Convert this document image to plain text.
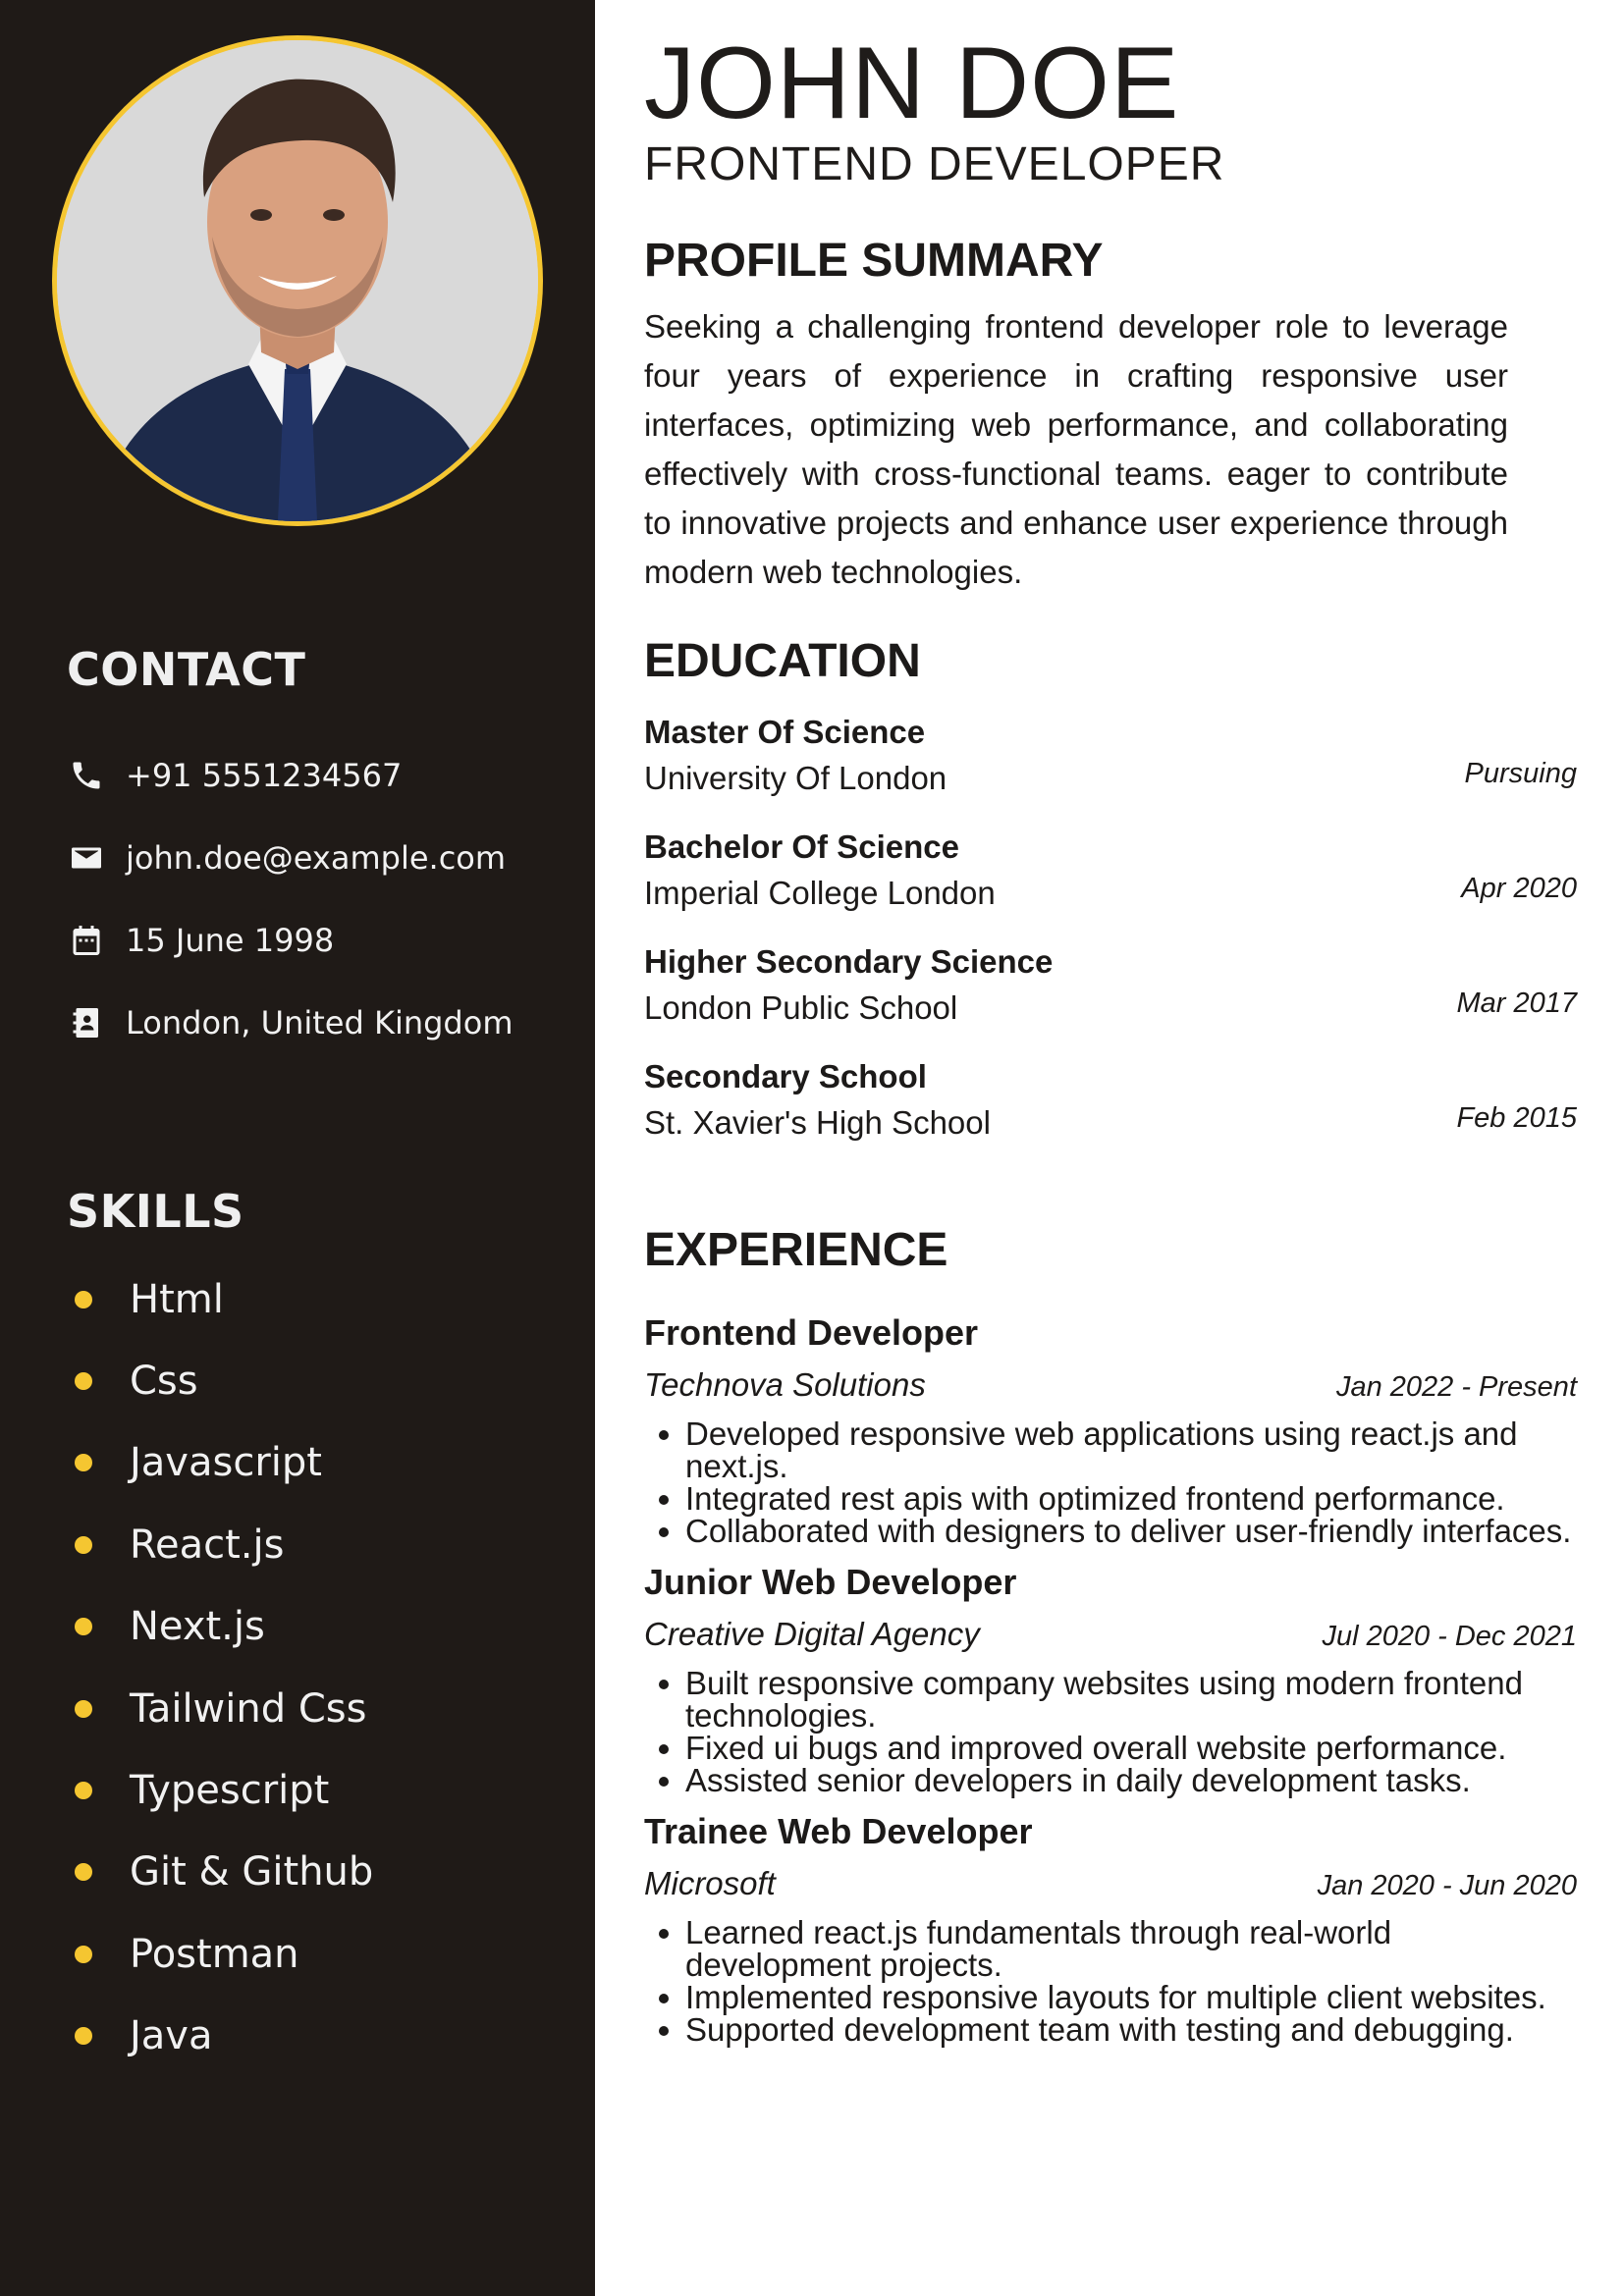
CONTACT
+91 5551234567
john.doe@example.com
15 June 1998
London, United Kingdom
SKILLS
Html
Css
Javascript
React.js
Next.js
Tailwind Css
Typescript
Git & Github
Postman
Java
JOHN DOE
FRONTEND DEVELOPER
PROFILE SUMMARY

Seeking a challenging frontend developer role to leverage four years of experience in crafting responsive user interfaces, optimizing web performance, and collaborating effectively with cross-functional teams. eager to contribute to innovative projects and enhance user experience through modern web technologies.

EDUCATION

Master Of Science

University Of London	Pursuing

Bachelor Of Science

Imperial College London	Apr 2020

Higher Secondary Science

London Public School	Mar 2017

Secondary School

St. Xavier's High School	Feb 2015
EXPERIENCE

Frontend Developer

Technova Solutions	Jan 2022 - Present
• Developed responsive web applications using react.js and next.js.
• Integrated rest apis with optimized frontend performance.
• Collaborated with designers to deliver user-friendly interfaces.

Junior Web Developer

Creative Digital Agency	Jul 2020 - Dec 2021
• Built responsive company websites using modern frontend technologies.
• Fixed ui bugs and improved overall website performance.
• Assisted senior developers in daily development tasks.

Trainee Web Developer

Microsoft	Jan 2020 - Jun 2020
• Learned react.js fundamentals through real-world development projects.
• Implemented responsive layouts for multiple client websites.
• Supported development team with testing and debugging.
